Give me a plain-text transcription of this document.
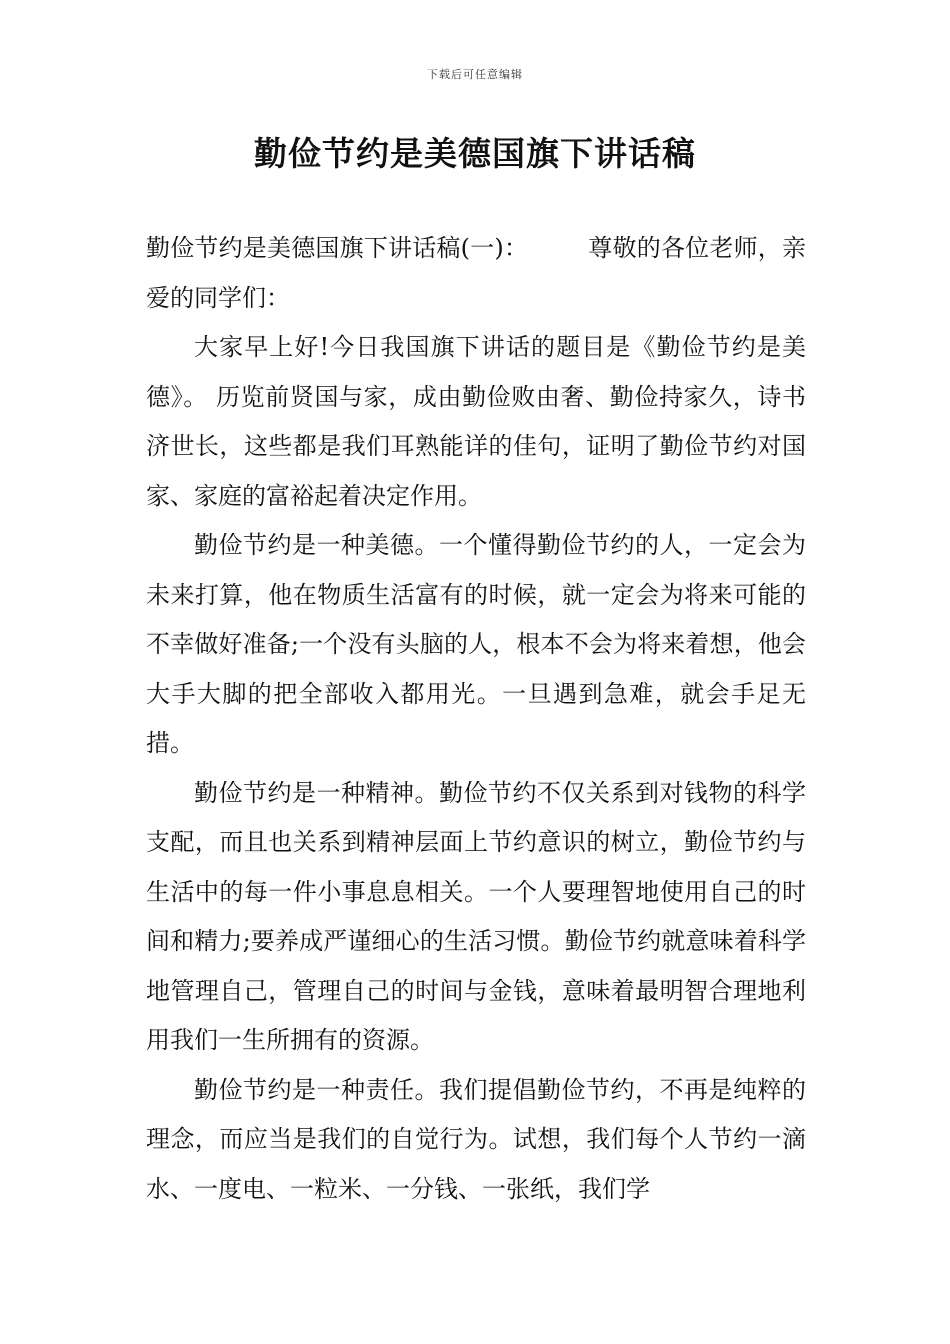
下载后可任意编辑
勤俭节约是美德国旗下讲话稿

勤俭节约是美德国旗下讲话稿(一)：	尊敬的各位老师，亲爱的同学们：

大家早上好!今日我国旗下讲话的题目是《勤俭节约是美德》。 历览前贤国与家，成由勤俭败由奢、勤俭持家久，诗书济世长，这些都是我们耳熟能详的佳句，证明了勤俭节约对国家、家庭的富裕起着决定作用。

勤俭节约是一种美德。一个懂得勤俭节约的人，一定会为未来打算，他在物质生活富有的时候，就一定会为将来可能的不幸做好准备;一个没有头脑的人，根本不会为将来着想，他会大手大脚的把全部收入都用光。一旦遇到急难，就会手足无措。

勤俭节约是一种精神。勤俭节约不仅关系到对钱物的科学支配，而且也关系到精神层面上节约意识的树立，勤俭节约与生活中的每一件小事息息相关。一个人要理智地使用自己的时间和精力;要养成严谨细心的生活习惯。勤俭节约就意味着科学地管理自己，管理自己的时间与金钱，意味着最明智合理地利用我们一生所拥有的资源。

勤俭节约是一种责任。我们提倡勤俭节约，不再是纯粹的理念，而应当是我们的自觉行为。试想，我们每个人节约一滴水、一度电、一粒米、一分钱、一张纸，我们学
